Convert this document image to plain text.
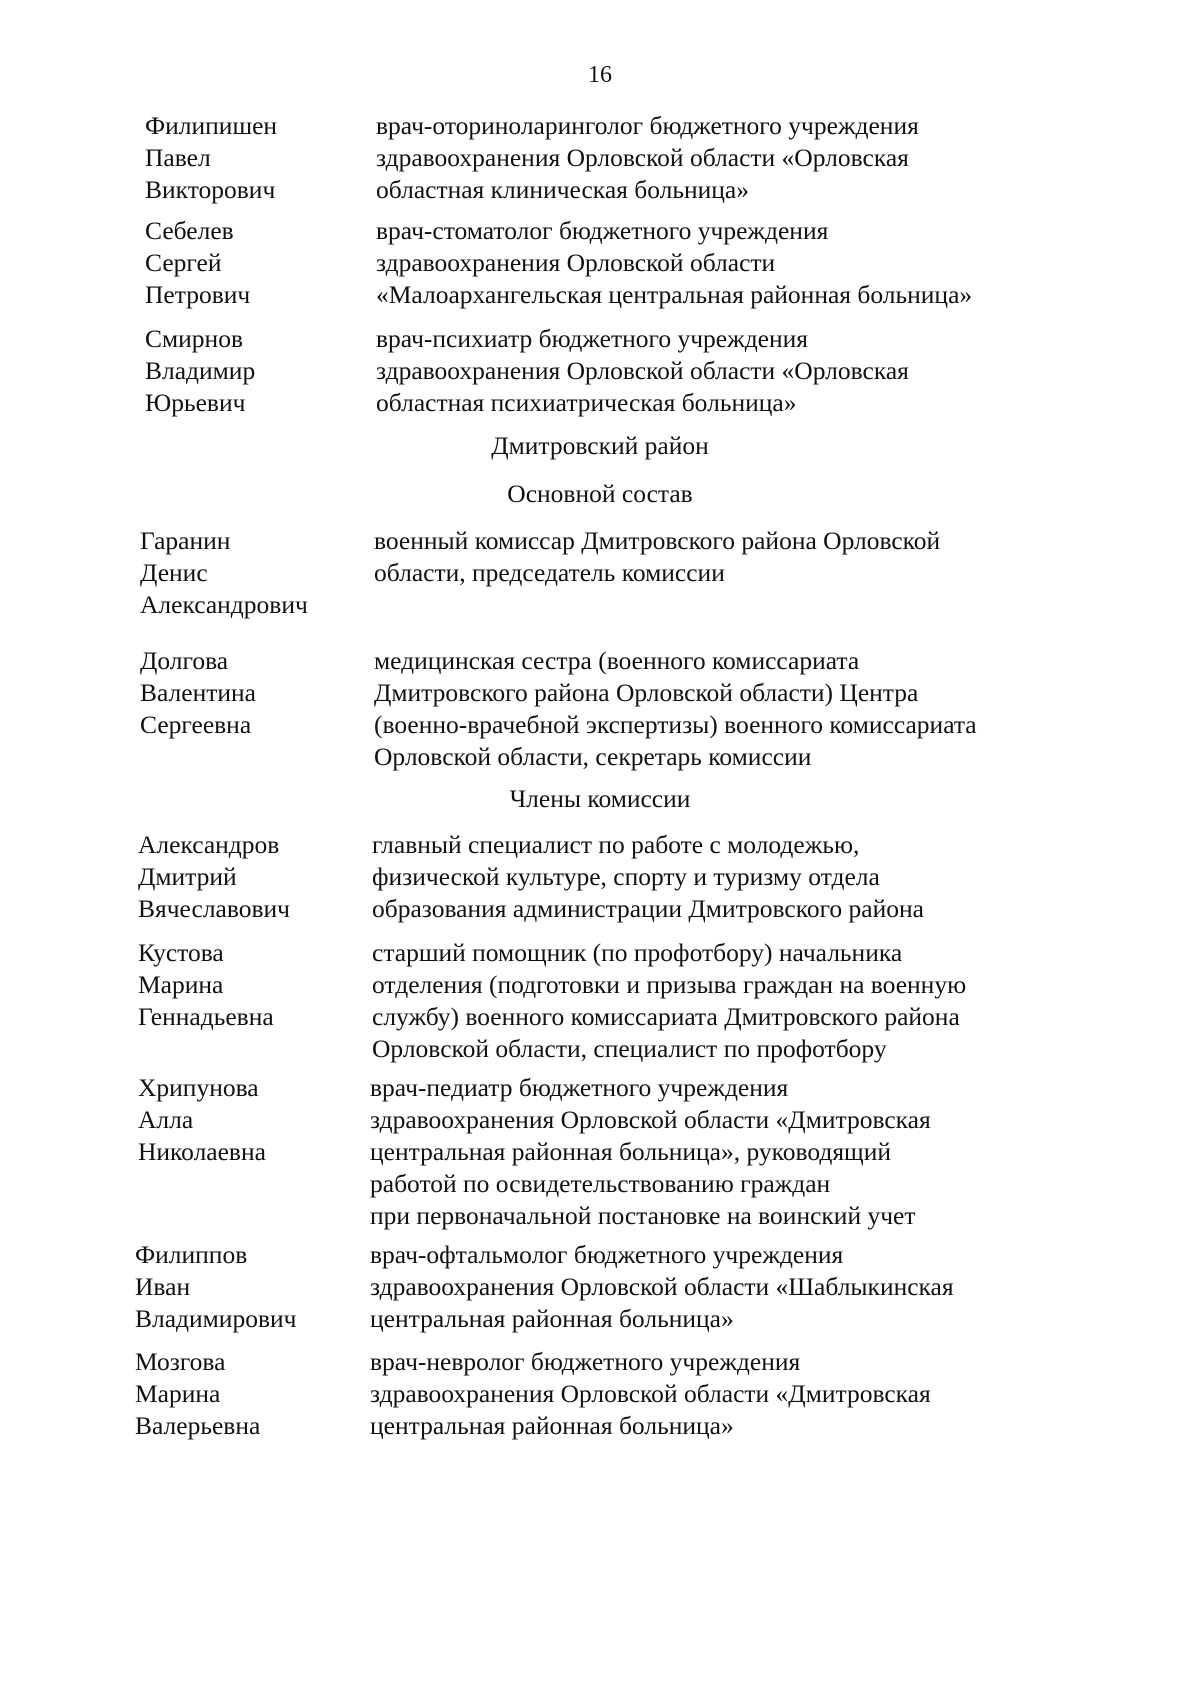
16
Дмитровский район
Основной состав
Члены комиссии
Филипишен
Павел
Викторович
врач-оториноларинголог бюджетного учреждения
здравоохранения Орловской области «Орловская
областная клиническая больница»
Себелев
Сергей
Петрович
врач-стоматолог бюджетного учреждения
здравоохранения Орловской области
«Малоархангельская центральная районная больница»
Смирнов
Владимир
Юрьевич
врач-психиатр бюджетного учреждения
здравоохранения Орловской области «Орловская
областная психиатрическая больница»
Гаранин
Денис
Александрович
военный комиссар Дмитровского района Орловской
области, председатель комиссии
Долгова
Валентина
Сергеевна
медицинская сестра (военного комиссариата
Дмитровского района Орловской области) Центра
(военно-врачебной экспертизы) военного комиссариата
Орловской области, секретарь комиссии
Александров
Дмитрий
Вячеславович
главный специалист по работе с молодежью,
физической культуре, спорту и туризму отдела
образования администрации Дмитровского района
Кустова
Марина
Геннадьевна
старший помощник (по профотбору) начальника
отделения (подготовки и призыва граждан на военную
службу) военного комиссариата Дмитровского района
Орловской области, специалист по профотбору
Хрипунова
Алла
Николаевна
врач-педиатр бюджетного учреждения
здравоохранения Орловской области «Дмитровская
центральная районная больница», руководящий
работой по освидетельствованию граждан
при первоначальной постановке на воинский учет
Филиппов
Иван
Владимирович
врач-офтальмолог бюджетного учреждения
здравоохранения Орловской области «Шаблыкинская
центральная районная больница»
Мозгова
Марина
Валерьевна
врач-невролог бюджетного учреждения
здравоохранения Орловской области «Дмитровская
центральная районная больница»
